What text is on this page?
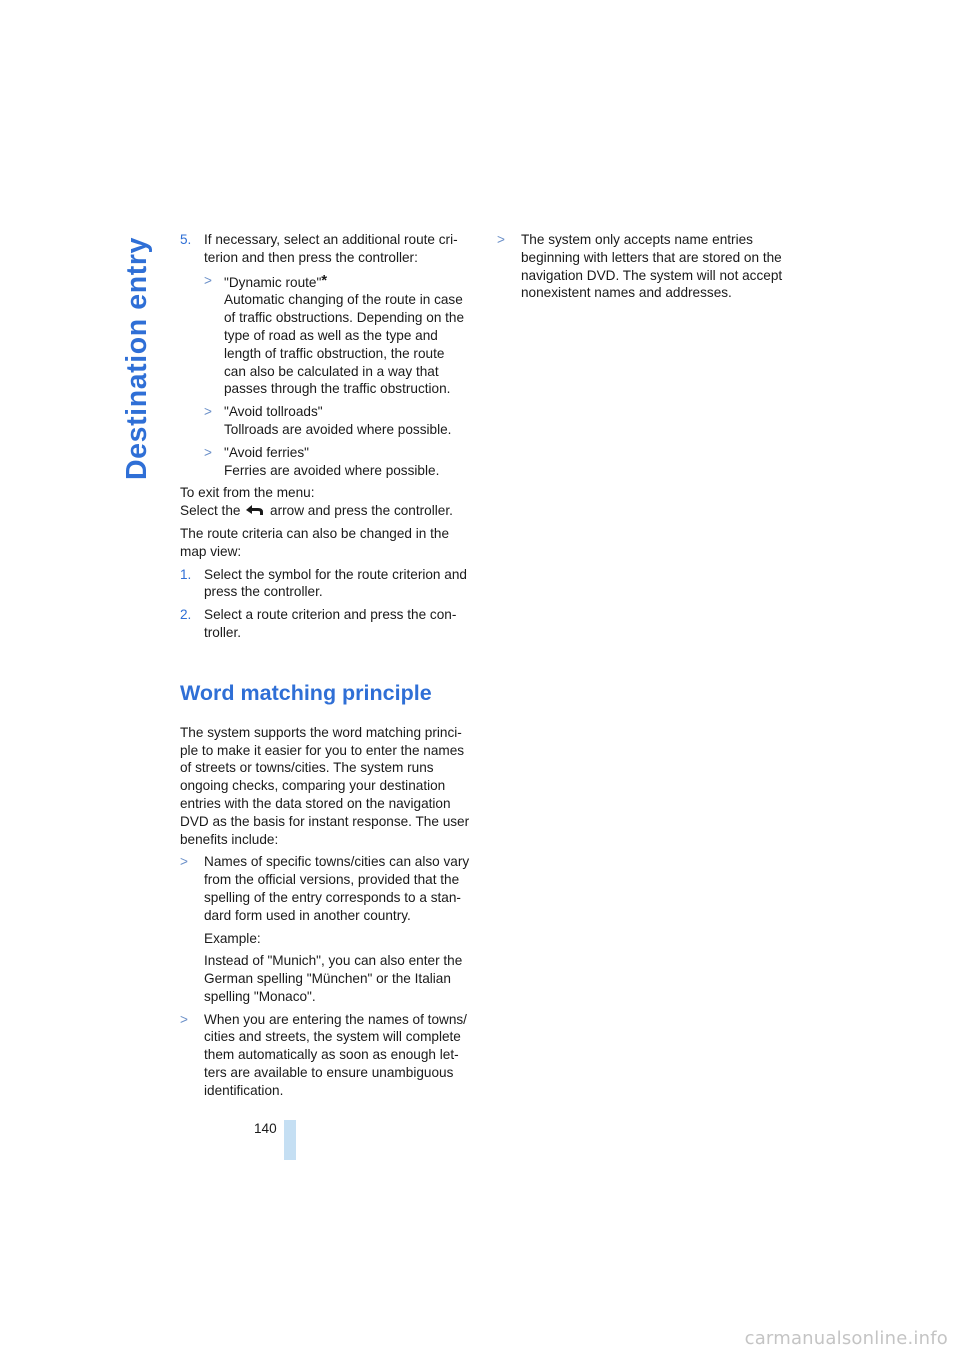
Destination entry 5. If necessary, select an additional route cri-
terion and then press the controller:

> "Dynamic route"*
Automatic changing of the route in case
of traffic obstructions. Depending on the
type of road as well as the type and
length of traffic obstruction, the route
can also be calculated in a way that
passes through the traffic obstruction.

> "Avoid tollroads"
Tollroads are avoided where possible.

> "Avoid ferries"
Ferries are avoided where possible.

To exit from the menu:
Select the arrow and press the controller.

The route criteria can also be changed in the
map view:

1. Select the symbol for the route criterion and
press the controller.

2. Select a route criterion and press the con-
troller.

Word matching principle

The system supports the word matching princi-
ple to make it easier for you to enter the names
of streets or towns/cities. The system runs
ongoing checks, comparing your destination
entries with the data stored on the navigation
DVD as the basis for instant response. The user
benefits include:

> Names of specific towns/cities can also vary
from the official versions, provided that the
spelling of the entry corresponds to a stan-
dard form used in another country.

Example:

Instead of "Munich", you can also enter the
German spelling "München" or the Italian
spelling "Monaco".

> When you are entering the names of towns/
cities and streets, the system will complete
them automatically as soon as enough let-
ters are available to ensure unambiguous
identification.

> The system only accepts name entries
beginning with letters that are stored on the
navigation DVD. The system will not accept
nonexistent names and addresses.

140
carmanualsonline.info
